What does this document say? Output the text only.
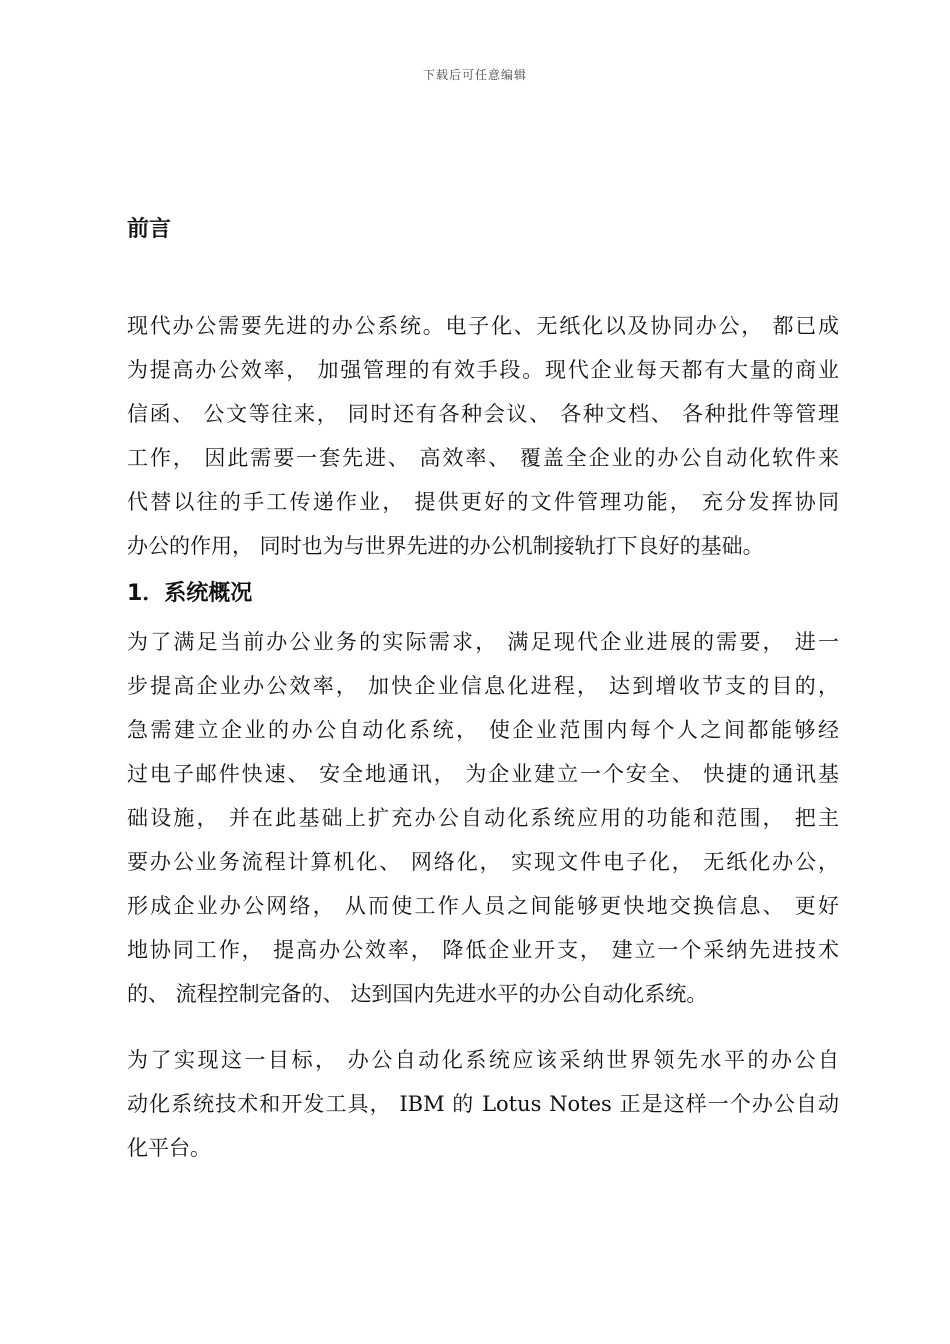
下载后可任意编辑
前言

现代办公需要先进的办公系统。电子化、无纸化以及协同办公， 都已成
为提高办公效率， 加强管理的有效手段。现代企业每天都有大量的商业
信函、 公文等往来， 同时还有各种会议、 各种文档、 各种批件等管理
工作， 因此需要一套先进、 高效率、 覆盖全企业的办公自动化软件来
代替以往的手工传递作业， 提供更好的文件管理功能， 充分发挥协同
办公的作用， 同时也为与世界先进的办公机制接轨打下良好的基础。

1．系统概况

为了满足当前办公业务的实际需求， 满足现代企业进展的需要， 进一
步提高企业办公效率， 加快企业信息化进程， 达到增收节支的目的，
急需建立企业的办公自动化系统， 使企业范围内每个人之间都能够经
过电子邮件快速、 安全地通讯， 为企业建立一个安全、 快捷的通讯基
础设施， 并在此基础上扩充办公自动化系统应用的功能和范围， 把主
要办公业务流程计算机化、 网络化， 实现文件电子化， 无纸化办公，
形成企业办公网络， 从而使工作人员之间能够更快地交换信息、 更好
地协同工作， 提高办公效率， 降低企业开支， 建立一个采纳先进技术
的、 流程控制完备的、 达到国内先进水平的办公自动化系统。

为了实现这一目标， 办公自动化系统应该采纳世界领先水平的办公自
动化系统技术和开发工具， IBM 的 Lotus Notes 正是这样一个办公自动
化平台。
